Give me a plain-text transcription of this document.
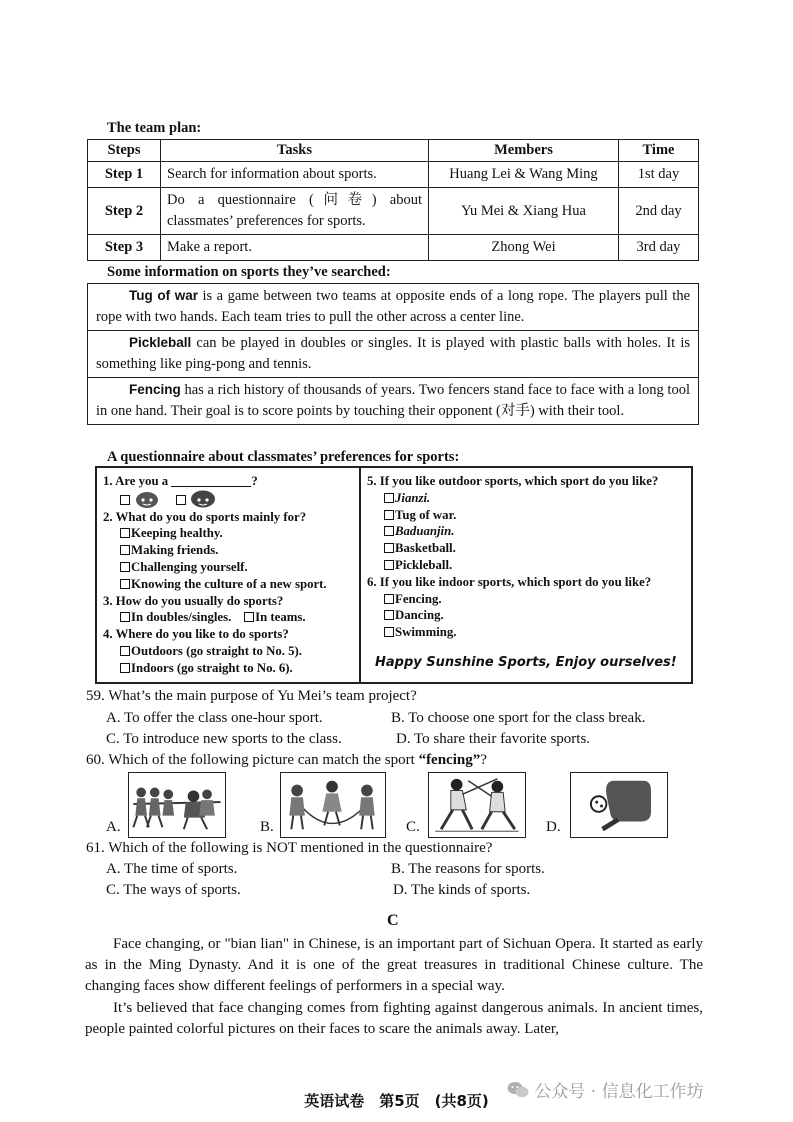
The team plan:
Steps	Tasks	Members	Time
Step 1	Search for information about sports.	Huang Lei & Wang Ming	1st day
Step 2	Do a questionnaire (问卷) about classmates’ preferences for sports.	Yu Mei & Xiang Hua	2nd day
Step 3	Make a report.	Zhong Wei	3rd day
Some information on sports they’ve searched:
Tug of war is a game between two teams at opposite ends of a long rope. The players pull the rope with two hands. Each team tries to pull the other across a center line.
Pickleball can be played in doubles or singles. It is played with plastic balls with holes. It is something like ping-pong and tennis.
Fencing has a rich history of thousands of years. Two fencers stand face to face with a long tool in one hand. Their goal is to score points by touching their opponent (对手) with their tool.
A questionnaire about classmates’ preferences for sports:
1. Are you a	?

2. What do you do sports mainly for?
Keeping healthy.
Making friends.
Challenging yourself.
Knowing the culture of a new sport.
3. How do you usually do sports?
In doubles/singles. In teams.
4. Where do you like to do sports?
Outdoors (go straight to No. 5).
Indoors (go straight to No. 6).
5. If you like outdoor sports, which sport do you like?
Jianzi.
Tug of war.
Baduanjin.
Basketball.
Pickleball.
6. If you like indoor sports, which sport do you like?
Fencing.
Dancing.
Swimming.
Happy Sunshine Sports, Enjoy ourselves!
59. What’s the main purpose of Yu Mei’s team project?
A. To offer the class one-hour sport.	B. To choose one sport for the class break.
C. To introduce new sports to the class.	D. To share their favorite sports.
60. Which of the following picture can match the sport “fencing”?
A.	B.	C.	D.
61. Which of the following is NOT mentioned in the questionnaire?
A. The time of sports.	B. The reasons for sports.
C. The ways of sports.	D. The kinds of sports.
C
Face changing, or "bian lian" in Chinese, is an important part of Sichuan Opera. It started as early as in the Ming Dynasty. And it is one of the great treasures in traditional Chinese culture. The changing faces show different feelings of performers in a special way.
It’s believed that face changing comes from fighting against dangerous animals. In ancient times, people painted colorful pictures on their faces to scare the animals away. Later,
公众号 · 信息化工作坊
英语试卷　第5页　(共8页)
